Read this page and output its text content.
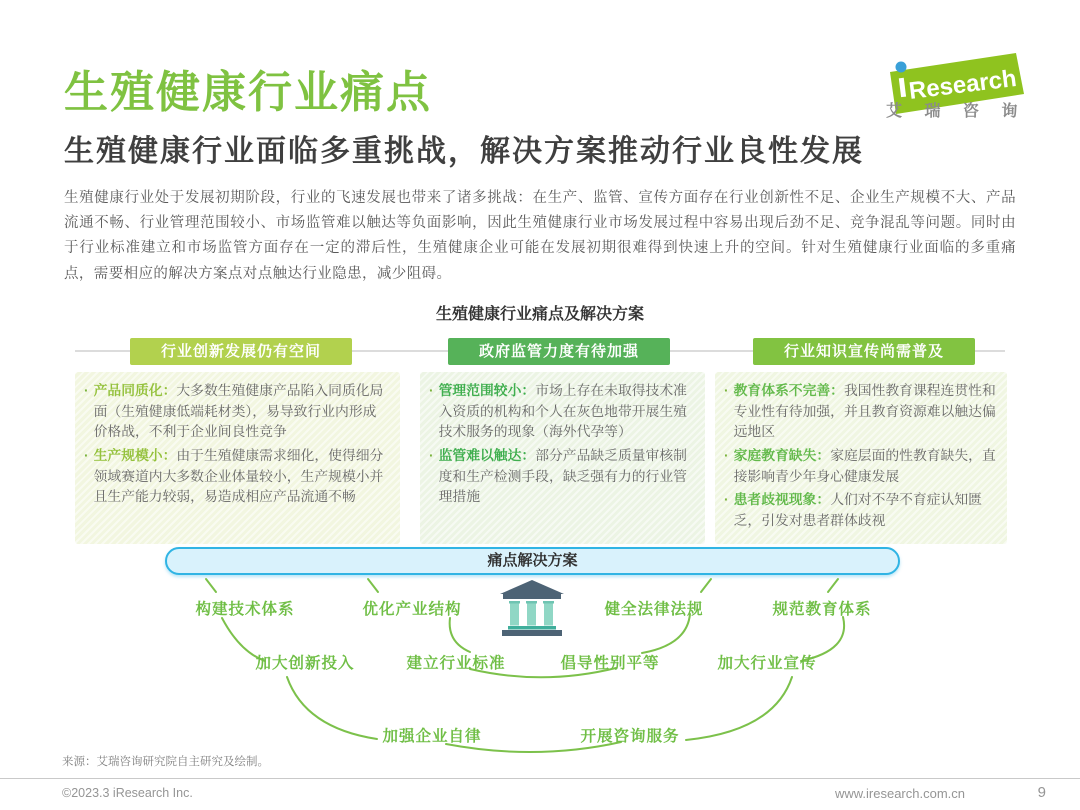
生殖健康行业痛点	Research
艾 瑞 咨 询
生殖健康行业面临多重挑战，解决方案推动行业良性发展
生殖健康行业处于发展初期阶段，行业的飞速发展也带来了诸多挑战：在生产、监管、宣传方面存在行业创新性不足、企业生产规模不大、产品流通不畅、行业管理范围较小、市场监管难以触达等负面影响，因此生殖健康行业市场发展过程中容易出现后劲不足、竞争混乱等问题。同时由于行业标准建立和市场监管方面存在一定的滞后性，生殖健康企业可能在发展初期很难得到快速上升的空间。针对生殖健康行业面临的多重痛点，需要相应的解决方案点对点触达行业隐患，减少阻碍。
生殖健康行业痛点及解决方案
行业创新发展仍有空间	政府监管力度有待加强	行业知识宣传尚需普及
· 产品同质化：大多数生殖健康产品陷入同质化局面（生殖健康低端耗材类），易导致行业内形成价格战，不利于企业间良性竞争
· 生产规模小：由于生殖健康需求细化，使得细分领域赛道内大多数企业体量较小，生产规模小并且生产能力较弱，易造成相应产品流通不畅
· 管理范围较小：市场上存在未取得技术准入资质的机构和个人在灰色地带开展生殖技术服务的现象（海外代孕等）
· 监管难以触达：部分产品缺乏质量审核制度和生产检测手段，缺乏强有力的行业管理措施
· 教育体系不完善：我国性教育课程连贯性和专业性有待加强，并且教育资源难以触达偏远地区
· 家庭教育缺失：家庭层面的性教育缺失，直接影响青少年身心健康发展
· 患者歧视现象：人们对不孕不育症认知匮乏，引发对患者群体歧视
痛点解决方案
构建技术体系	优化产业结构	健全法律法规	规范教育体系
加大创新投入	建立行业标准	倡导性别平等	加大行业宣传
加强企业自律	开展咨询服务
来源：艾瑞咨询研究院自主研究及绘制。
©2023.3 iResearch Inc.	www.iresearch.com.cn	9
